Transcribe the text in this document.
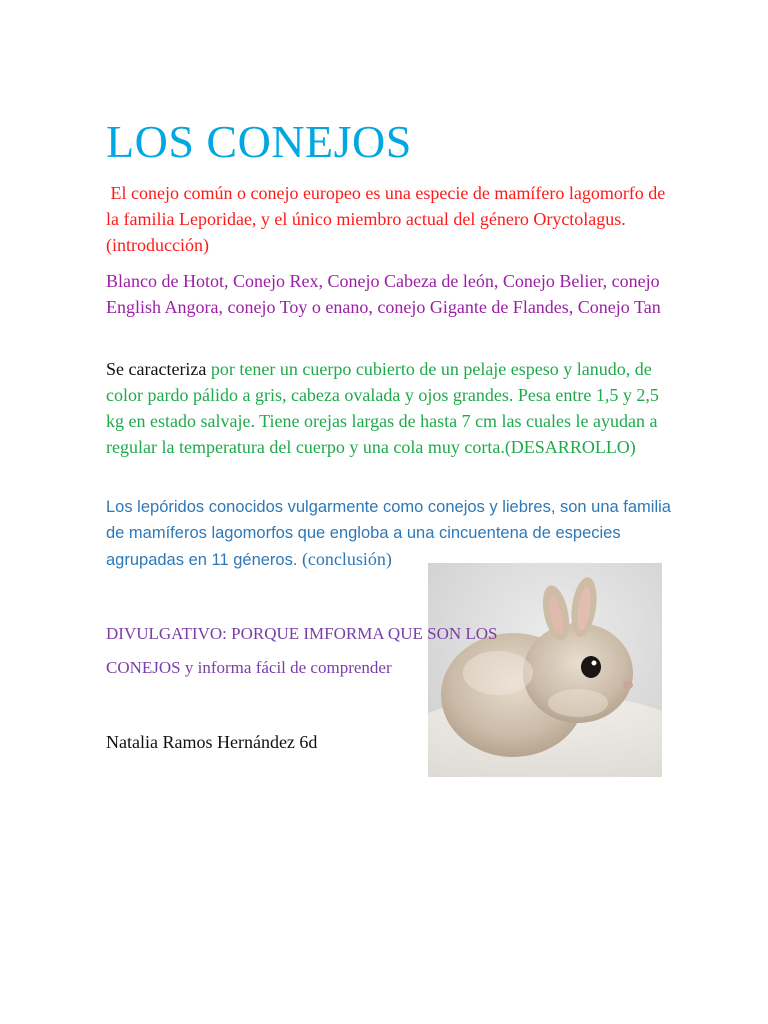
LOS CONEJOS

El conejo común o conejo europeo es una especie de mamífero lagomorfo de la familia Leporidae, y el único miembro actual del género Oryctolagus. (introducción)

Blanco de Hotot, Conejo Rex, Conejo Cabeza de león, Conejo Belier, conejo English Angora, conejo Toy o enano, conejo Gigante de Flandes, Conejo Tan

Se caracteriza por tener un cuerpo cubierto de un pelaje espeso y lanudo, de color pardo pálido a gris, cabeza ovalada y ojos grandes. Pesa entre 1,5 y 2,5 kg en estado salvaje. Tiene orejas largas de hasta 7 cm las cuales le ayudan a regular la temperatura del cuerpo y una cola muy corta.(DESARROLLO)

Los lepóridos conocidos vulgarmente como conejos y liebres, son una familia de mamíferos lagomorfos que engloba a una cincuentena de especies agrupadas en 11 géneros. (conclusión)

DIVULGATIVO: PORQUE IMFORMA QUE SON LOS

CONEJOS y informa fácil de comprender

Natalia Ramos Hernández 6d
